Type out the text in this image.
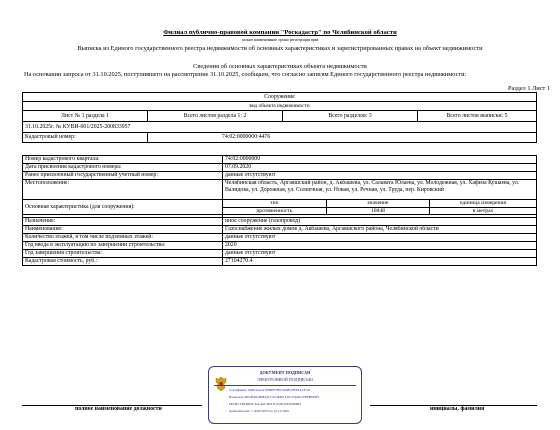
Филиал публично-правовой компании "Роскадастр" по Челябинской области
полное наименование органа регистрации прав
Выписка из Единого государственного реестра недвижимости об основных характеристиках и зарегистрированных правах на объект недвижимости
Сведения об основных характеристиках объекта недвижимости
На основании запроса от 31.10.2025, поступившего на рассмотрение 31.10.2025, сообщаем, что согласно записям Единого государственного реестра недвижимости:
Раздел 1 Лист 1
Сооружение			
вид объекта недвижимости			
Лист № 1 раздела 1	Всего листов раздела 1: 2	Всего разделов: 3	Всего листов выписки: 5
31.10.2025г. № КУВИ-001/2025-200833957			
Кадастровый номер:	74:02:0000000:4476		
Номер кадастрового квартала:	74:02:0000000
Дата присвоения кадастрового номера:	07.09.2020
Ранее присвоенный государственный учетный номер:	данные отсутствуют
Местоположение:	Челябинская область, Аргаяшский район, д. Акбашева, ул. Салавата Юлаева, ул. Молодежная, ул. Хафиза Кушаева, ул. Валидова, ул. Дорожная, ул. Солнечная, ул. Новая, ул. Речная, ул. Труда, пер. Кировский
Основная характеристика (для сооружения):	
тип	значение	единица измерения
протяженность	10848	в метрах

Назначение:	иное сооружение (газопровод)
Наименование:	Газоснабжение жилых домов д. Акбашева, Аргаяшского района, Челябинской области
Количество этажей, в том числе подземных этажей:	данные отсутствуют
Год ввода в эксплуатацию по завершении строительства:	2020
Год завершения строительства:	данные отсутствуют
Кадастровая стоимость, руб.:	27104270.4
полное наименование должности	инициалы, фамилия
ДОКУМЕНТ ПОДПИСАН
ЭЛЕКТРОННОЙ ПОДПИСЬЮ
Сертификат: 00B1AA2A7839EE7B070ABCDFF4ACF3A
Владелец: ФЕДЕРАЛЬНАЯ СЛУЖБА ГОСУДАРСТВЕННОЙ
РЕГИСТРАЦИИ, КАДАСТРА И КАРТОГРАФИИ
Действителен: с 16.09.2025 по 10.12.2026
